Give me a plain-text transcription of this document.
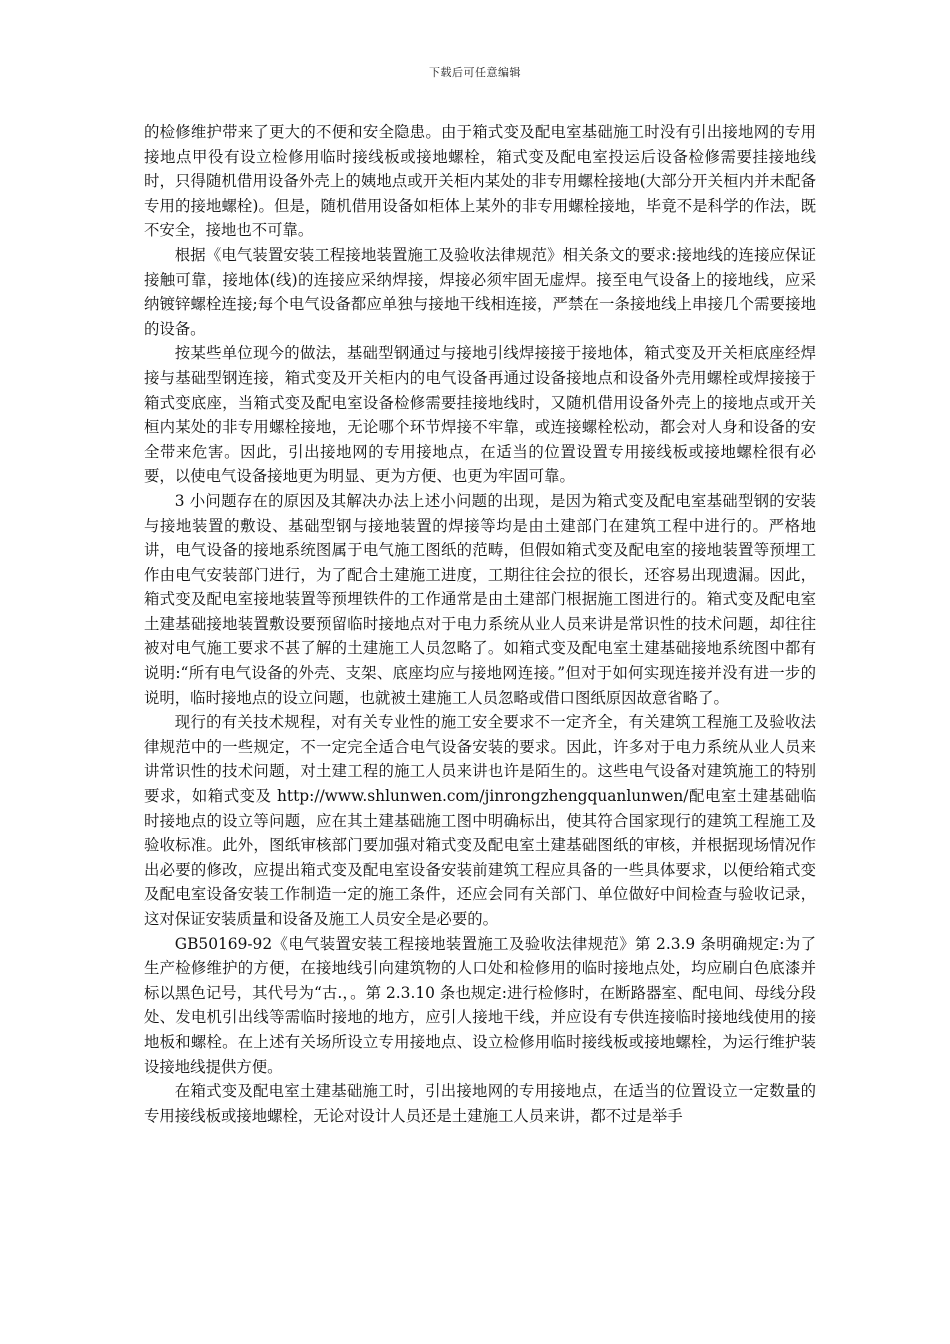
下载后可任意编辑

的检修维护带来了更大的不便和安全隐患。由于箱式变及配电室基础施工时没有引出接地网的专用接地点甲役有设立检修用临时接线板或接地螺栓，箱式变及配电室投运后设备检修需要挂接地线时，只得随机借用设备外壳上的姨地点或开关柜内某处的非专用螺栓接地(大部分开关桓内并未配备专用的接地螺栓)。但是，随机借用设备如柜体上某外的非专用螺栓接地，毕竟不是科学的作法，既不安全，接地也不可靠。

根据《电气装置安装工程接地装置施工及验收法律规范》相关条文的要求:接地线的连接应保证接触可靠，接地体(线)的连接应采纳焊接，焊接必须牢固无虚焊。接至电气设备上的接地线，应采纳镀锌螺栓连接;每个电气设备都应单独与接地干线相连接，严禁在一条接地线上串接几个需要接地的设备。

按某些单位现今的做法，基础型钢通过与接地引线焊接接于接地体，箱式变及开关柜底座经焊接与基础型钢连接，箱式变及开关柜内的电气设备再通过设备接地点和设备外壳用螺栓或焊接接于箱式变底座，当箱式变及配电室设备检修需要挂接地线时，又随机借用设备外壳上的接地点或开关桓内某处的非专用螺栓接地，无论哪个环节焊接不牢靠，或连接螺栓松动，都会对人身和设备的安全带来危害。因此，引出接地网的专用接地点，在适当的位置设置专用接线板或接地螺栓很有必要，以使电气设备接地更为明显、更为方便、也更为牢固可靠。

3 小问题存在的原因及其解决办法上述小问题的出现，是因为箱式变及配电室基础型钢的安装与接地装置的敷设、基础型钢与接地装置的焊接等均是由土建部门在建筑工程中进行的。严格地讲，电气设备的接地系统图属于电气施工图纸的范畴，但假如箱式变及配电室的接地装置等预埋工作由电气安装部门进行，为了配合土建施工进度，工期往往会拉的很长，还容易出现遗漏。因此，箱式变及配电室接地装置等预埋铁件的工作通常是由土建部门根据施工图进行的。箱式变及配电室土建基础接地装置敷设要预留临时接地点对于电力系统从业人员来讲是常识性的技术问题，却往往被对电气施工要求不甚了解的土建施工人员忽略了。如箱式变及配电室土建基础接地系统图中都有说明:“所有电气设备的外壳、支架、底座均应与接地网连接。”但对于如何实现连接并没有进一步的说明，临时接地点的设立问题，也就被土建施工人员忽略或借口图纸原因故意省略了。

现行的有关技术规程，对有关专业性的施工安全要求不一定齐全，有关建筑工程施工及验收法律规范中的一些规定，不一定完全适合电气设备安装的要求。因此，许多对于电力系统从业人员来讲常识性的技术问题，对土建工程的施工人员来讲也许是陌生的。这些电气设备对建筑施工的特别要求，如箱式变及 http://www.shlunwen.com/jinrongzhengquanlunwen/配电室土建基础临时接地点的设立等问题，应在其土建基础施工图中明确标出，使其符合国家现行的建筑工程施工及验收标准。此外，图纸审核部门要加强对箱式变及配电室土建基础图纸的审核，并根据现场情况作出必要的修改，应提出箱式变及配电室设备安装前建筑工程应具备的一些具体要求，以便给箱式变及配电室设备安装工作制造一定的施工条件，还应会同有关部门、单位做好中间检查与验收记录，这对保证安装质量和设备及施工人员安全是必要的。

GB50169-92《电气装置安装工程接地装置施工及验收法律规范》第 2.3.9 条明确规定:为了生产检修维护的方便，在接地线引向建筑物的人口处和检修用的临时接地点处，均应刷白色底漆并标以黑色记号，其代号为“古.，。第 2.3.10 条也规定:进行检修时，在断路器室、配电间、母线分段处、发电机引出线等需临时接地的地方，应引人接地干线，并应设有专供连接临时接地线使用的接地板和螺栓。在上述有关场所设立专用接地点、设立检修用临时接线板或接地螺栓，为运行维护装设接地线提供方便。

在箱式变及配电室土建基础施工时，引出接地网的专用接地点，在适当的位置设立一定数量的专用接线板或接地螺栓，无论对设计人员还是土建施工人员来讲，都不过是举手
